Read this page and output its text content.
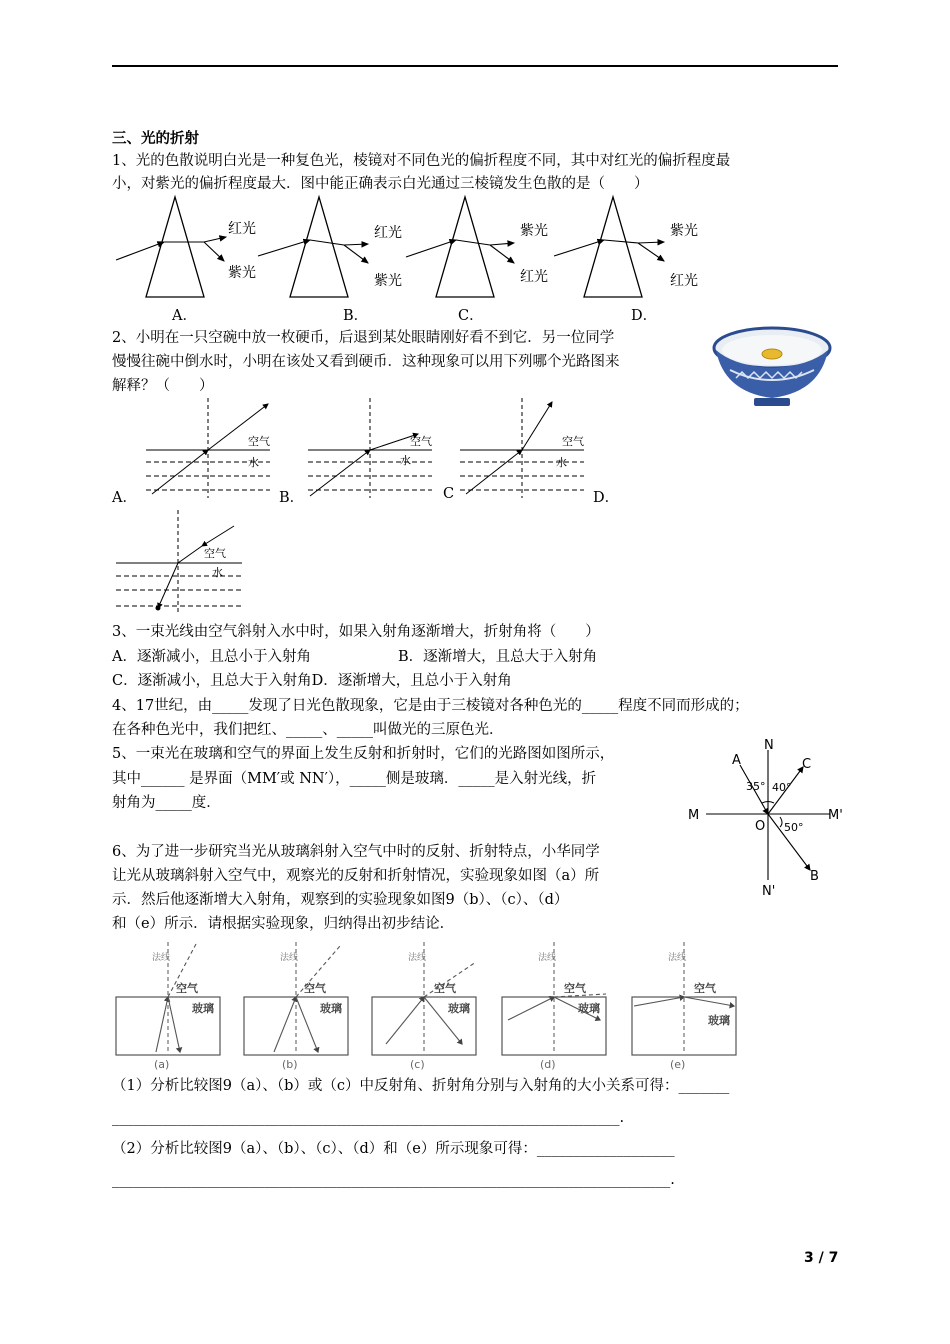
三、光的折射
1、光的色散说明白光是一种复色光，棱镜对不同色光的偏折程度不同，其中对红光的偏折程度最
小，对紫光的偏折程度最大．图中能正确表示白光通过三棱镜发生色散的是（　　）
红光
紫光
红光
紫光
紫光
红光
紫光
红光
A．	B．	C．	D．
2、小明在一只空碗中放一枚硬币，后退到某处眼睛刚好看不到它．另一位同学
慢慢往碗中倒水时，小明在该处又看到硬币．这种现象可以用下列哪个光路图来
解释？（　　）
空气
水
空气
水
空气
水
A．	B．	C	D．
空气
水
3、一束光线由空气斜射入水中时，如果入射角逐渐增大，折射角将（　　）
A．逐渐减小，且总小于入射角	B．逐渐增大，且总大于入射角
C．逐渐减小，且总大于入射角D．逐渐增大，且总小于入射角
4、17世纪，由_____发现了日光色散现象，它是由于三棱镜对各种色光的_____程度不同而形成的；
在各种色光中，我们把红、_____、_____叫做光的三原色光．
5、一束光在玻璃和空气的界面上发生反射和折射时，它们的光路图如图所示，
其中______ 是界面（MM′或 NN′），_____侧是玻璃．_____是入射光线，折
射角为_____度．
N
N'
M	M'
O
A	C
B
35° 40°
50°
6、为了进一步研究当光从玻璃斜射入空气中时的反射、折射特点，小华同学
让光从玻璃斜射入空气中，观察光的反射和折射情况，实验现象如图（a）所
示．然后他逐渐增大入射角，观察到的实验现象如图9（b）、（c）、（d）
和（e）所示．请根据实验现象，归纳得出初步结论．
法线
空气
玻璃
(a)
法线
空气
玻璃
(b)
法线
空气
玻璃
(c)
法线
空气
玻璃
(d)
法线
空气
玻璃
(e)
（1）分析比较图9（a）、（b）或（c）中反射角、折射角分别与入射角的大小关系可得：_______
______________________________________________________________________.
（2）分析比较图9（a）、（b）、（c）、（d）和（e）所示现象可得：___________________
_____________________________________________________________________________.
3 / 7
